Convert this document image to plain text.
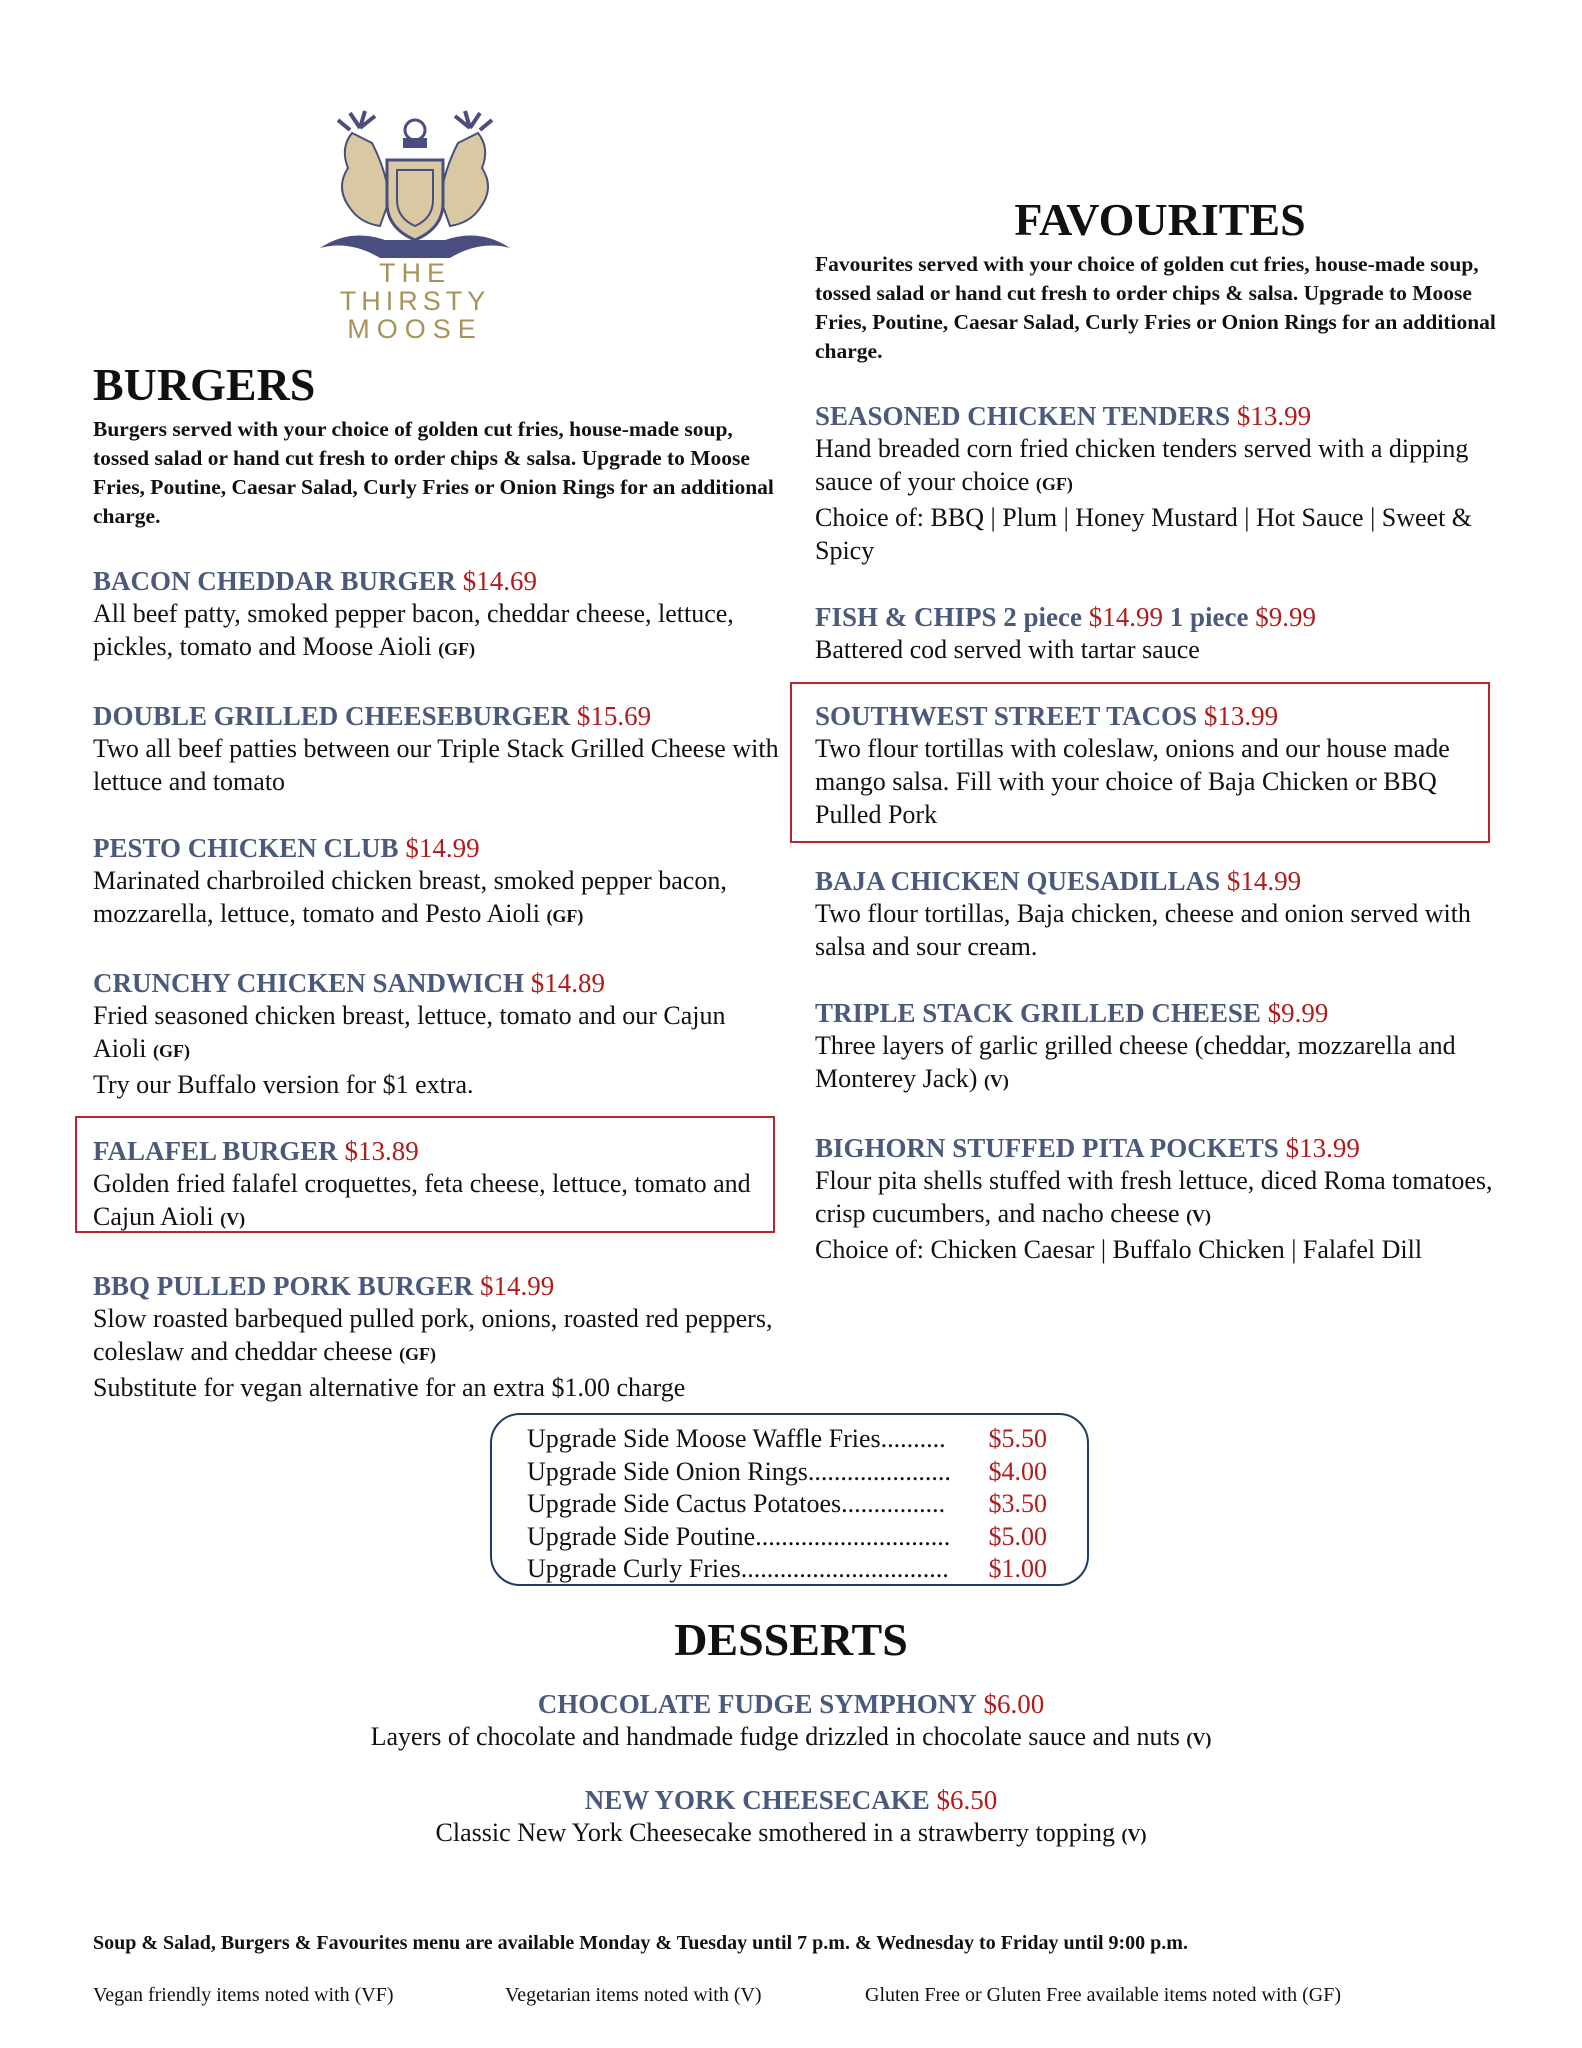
THE
THIRSTY
MOOSE
BURGERS
Burgers served with your choice of golden cut fries, house-made soup, tossed salad or hand cut fresh to order chips & salsa. Upgrade to Moose Fries, Poutine, Caesar Salad, Curly Fries or Onion Rings for an additional charge.
BACON CHEDDAR BURGER $14.69
All beef patty, smoked pepper bacon, cheddar cheese, lettuce, pickles, tomato and Moose Aioli (GF)
DOUBLE GRILLED CHEESEBURGER $15.69
Two all beef patties between our Triple Stack Grilled Cheese with lettuce and tomato
PESTO CHICKEN CLUB $14.99
Marinated charbroiled chicken breast, smoked pepper bacon, mozzarella, lettuce, tomato and Pesto Aioli (GF)
CRUNCHY CHICKEN SANDWICH $14.89
Fried seasoned chicken breast, lettuce, tomato and our Cajun Aioli (GF)
Try our Buffalo version for $1 extra.
FALAFEL BURGER $13.89
Golden fried falafel croquettes, feta cheese, lettuce, tomato and Cajun Aioli (V)
BBQ PULLED PORK BURGER $14.99
Slow roasted barbequed pulled pork, onions, roasted red peppers, coleslaw and cheddar cheese (GF)
Substitute for vegan alternative for an extra $1.00 charge
FAVOURITES
Favourites served with your choice of golden cut fries, house-made soup, tossed salad or hand cut fresh to order chips & salsa. Upgrade to Moose Fries, Poutine, Caesar Salad, Curly Fries or Onion Rings for an additional charge.
SEASONED CHICKEN TENDERS $13.99
Hand breaded corn fried chicken tenders served with a dipping sauce of your choice (GF)
Choice of: BBQ | Plum | Honey Mustard | Hot Sauce | Sweet & Spicy
FISH & CHIPS 2 piece $14.99 1 piece $9.99
Battered cod served with tartar sauce
SOUTHWEST STREET TACOS $13.99
Two flour tortillas with coleslaw, onions and our house made mango salsa. Fill with your choice of Baja Chicken or BBQ Pulled Pork
BAJA CHICKEN QUESADILLAS $14.99
Two flour tortillas, Baja chicken, cheese and onion served with salsa and sour cream.
TRIPLE STACK GRILLED CHEESE $9.99
Three layers of garlic grilled cheese (cheddar, mozzarella and Monterey Jack) (V)
BIGHORN STUFFED PITA POCKETS $13.99
Flour pita shells stuffed with fresh lettuce, diced Roma tomatoes, crisp cucumbers, and nacho cheese (V)
Choice of: Chicken Caesar | Buffalo Chicken | Falafel Dill
Upgrade Side Moose Waffle Fries ..........	$5.50
Upgrade Side Onion Rings ......................	$4.00
Upgrade Side Cactus Potatoes ................	$3.50
Upgrade Side Poutine ..............................	$5.00
Upgrade Curly Fries ................................	$1.00
DESSERTS
CHOCOLATE FUDGE SYMPHONY $6.00
Layers of chocolate and handmade fudge drizzled in chocolate sauce and nuts (V)
NEW YORK CHEESECAKE $6.50
Classic New York Cheesecake smothered in a strawberry topping (V)
Soup & Salad, Burgers & Favourites menu are available Monday & Tuesday until 7 p.m. & Wednesday to Friday until 9:00 p.m.
Vegan friendly items noted with (VF)	Vegetarian items noted with (V)	Gluten Free or Gluten Free available items noted with (GF)
